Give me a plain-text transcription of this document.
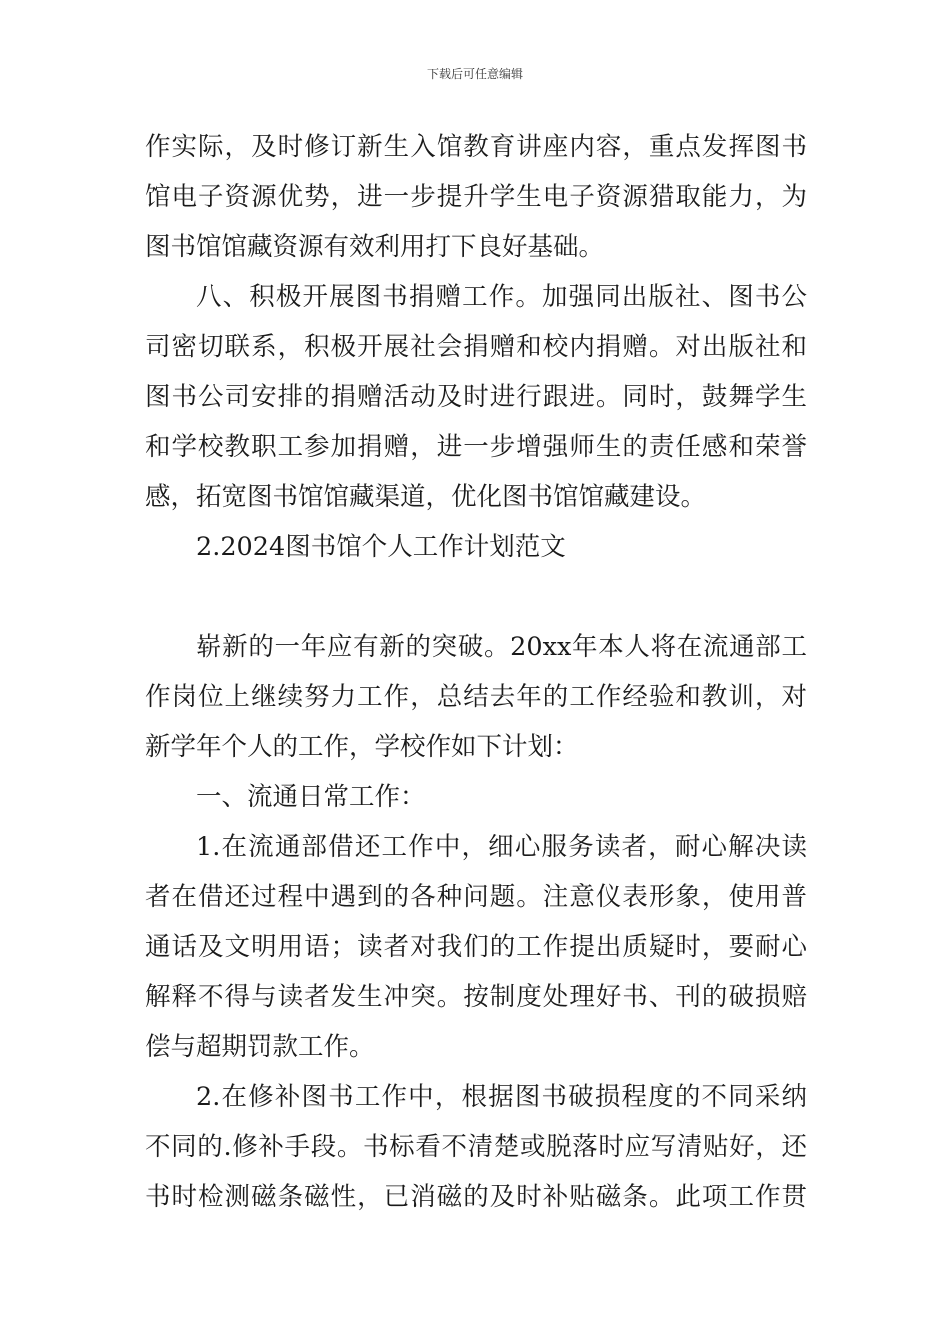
下载后可任意编辑
作实际，及时修订新生入馆教育讲座内容，重点发挥图书
馆电子资源优势，进一步提升学生电子资源猎取能力，为
图书馆馆藏资源有效利用打下良好基础。
八、积极开展图书捐赠工作。加强同出版社、图书公
司密切联系，积极开展社会捐赠和校内捐赠。对出版社和
图书公司安排的捐赠活动及时进行跟进。同时，鼓舞学生
和学校教职工参加捐赠，进一步增强师生的责任感和荣誉
感，拓宽图书馆馆藏渠道，优化图书馆馆藏建设。
2.2024图书馆个人工作计划范文
崭新的一年应有新的突破。20xx年本人将在流通部工
作岗位上继续努力工作，总结去年的工作经验和教训，对
新学年个人的工作，学校作如下计划：
一、流通日常工作：
1.在流通部借还工作中，细心服务读者，耐心解决读
者在借还过程中遇到的各种问题。注意仪表形象，使用普
通话及文明用语；读者对我们的工作提出质疑时，要耐心
解释不得与读者发生冲突。按制度处理好书、刊的破损赔
偿与超期罚款工作。
2.在修补图书工作中，根据图书破损程度的不同采纳
不同的.修补手段。书标看不清楚或脱落时应写清贴好，还
书时检测磁条磁性，已消磁的及时补贴磁条。此项工作贯
